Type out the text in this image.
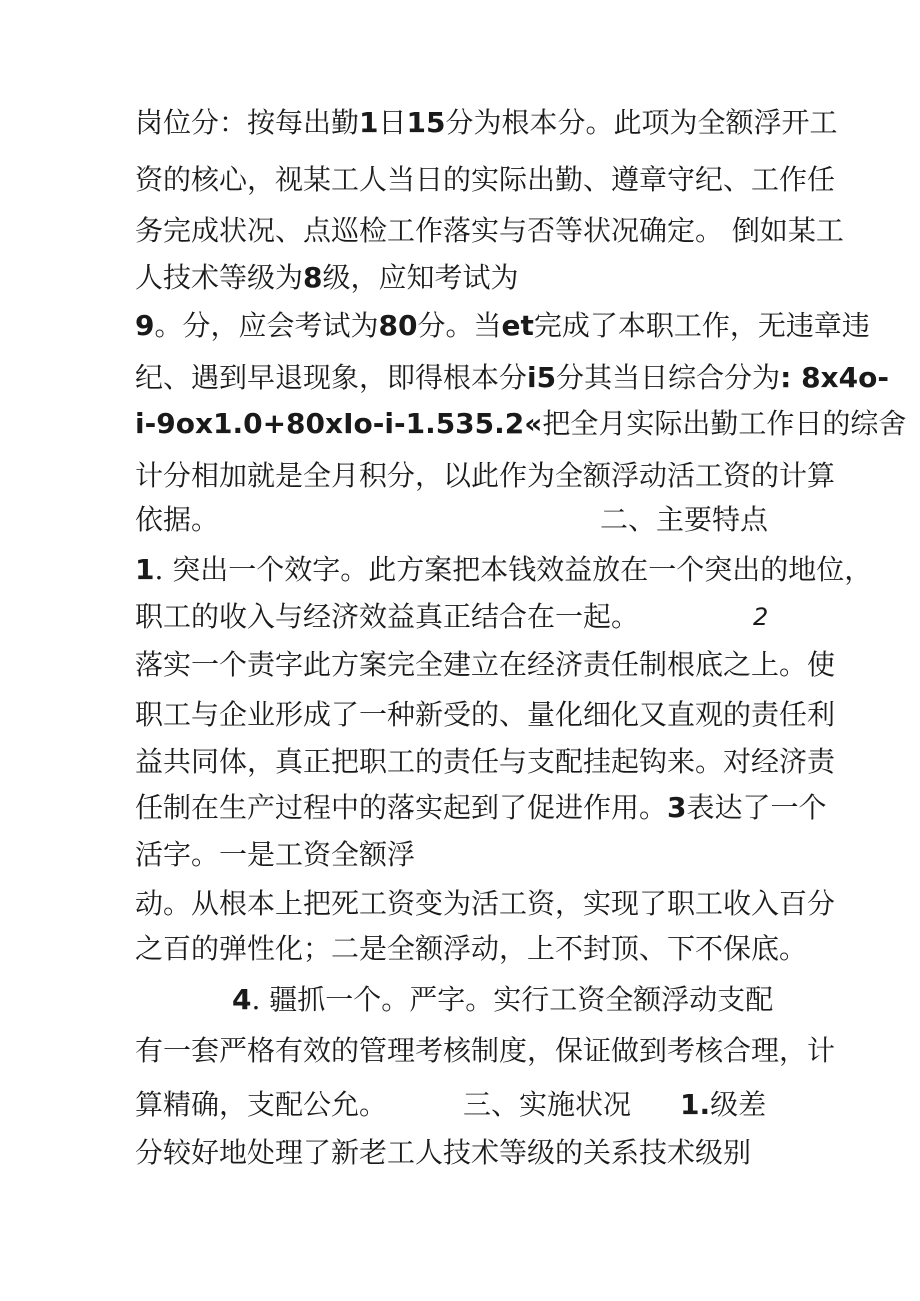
岗位分：按每出勤1日15分为根本分。此项为全额浮开工
资的核心，视某工人当日的实际出勤、遵章守纪、工作任
务完成状况、点巡检工作落实与否等状况确定。 倒如某工
人技术等级为8级，应知考试为
9。分，应会考试为80分。当et完成了本职工作，无违章违
纪、遇到早退现象，即得根本分i5分其当日综合分为: 8x4o-
i-9ox1.0+80xIo-i-1.535.2«把全月实际出勤工作日的综舍
计分相加就是全月积分，以此作为全额浮动活工资的计算
依据。	二、主要特点
1. 突出一个效字。此方案把本钱效益放在一个突出的地位，
职工的收入与经济效益真正结合在一起。	2
落实一个责字此方案完全建立在经济责任制根底之上。使
职工与企业形成了一种新受的、量化细化又直观的责任利
益共同体，真正把职工的责任与支配挂起钩来。对经济责
任制在生产过程中的落实起到了促进作用。3表达了一个
活字。一是工资全额浮
动。从根本上把死工资变为活工资，实现了职工收入百分
之百的弹性化；二是全额浮动，上不封顶、下不保底。
4. 疆抓一个。严字。实行工资全额浮动支配
有一套严格有效的管理考核制度，保证做到考核合理，计
算精确，支配公允。	三、实施状况 1.级差
分较好地处理了新老工人技术等级的关系技术级别
